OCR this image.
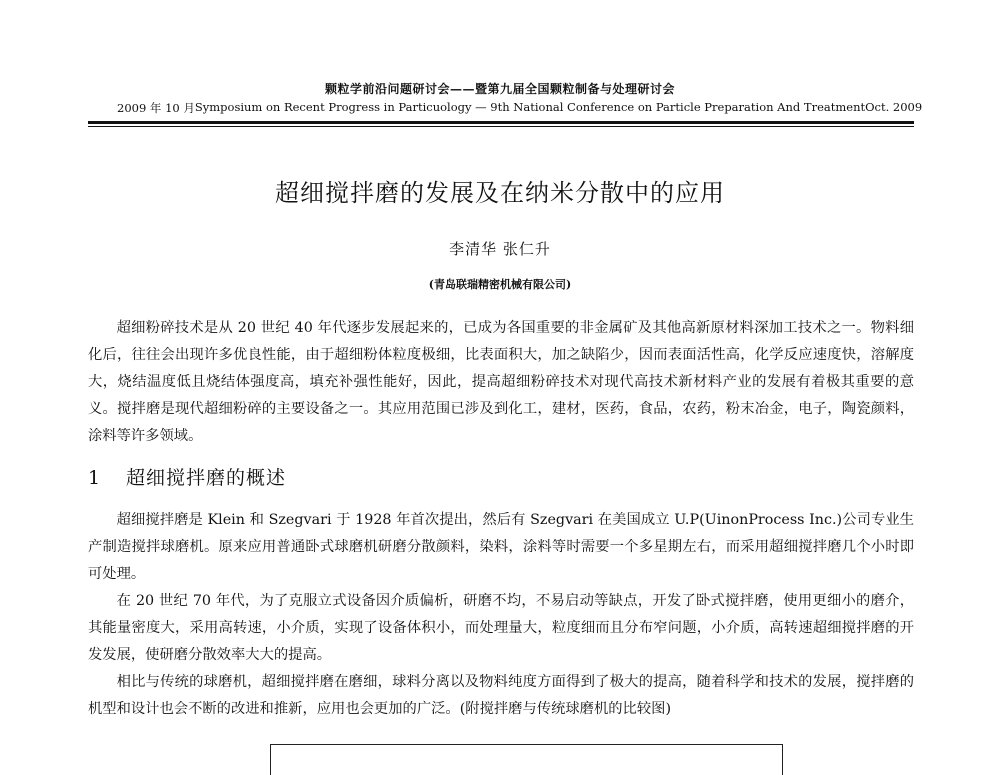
颗粒学前沿问题研讨会——暨第九届全国颗粒制备与处理研讨会
2009 年 10 月 Symposium on Recent Progress in Particuology — 9th National Conference on Particle Preparation And Treatment Oct. 2009
超细搅拌磨的发展及在纳米分散中的应用
李清华 张仁升
(青岛联瑞精密机械有限公司)

超细粉碎技术是从 20 世纪 40 年代逐步发展起来的，已成为各国重要的非金属矿及其他高新原材料深加工技术之一。物料细化后，往往会出现许多优良性能，由于超细粉体粒度极细，比表面积大，加之缺陷少，因而表面活性高，化学反应速度快，溶解度大，烧结温度低且烧结体强度高，填充补强性能好，因此，提高超细粉碎技术对现代高技术新材料产业的发展有着极其重要的意义。搅拌磨是现代超细粉碎的主要设备之一。其应用范围已涉及到化工，建材，医药，食品，农药，粉末冶金，电子，陶瓷颜料，涂料等许多领域。

1 超细搅拌磨的概述

超细搅拌磨是 Klein 和 Szegvari 于 1928 年首次提出，然后有 Szegvari 在美国成立 U.P(UinonProcess Inc.)公司专业生产制造搅拌球磨机。原来应用普通卧式球磨机研磨分散颜料，染料，涂料等时需要一个多星期左右，而采用超细搅拌磨几个小时即可处理。

在 20 世纪 70 年代，为了克服立式设备因介质偏析，研磨不均，不易启动等缺点，开发了卧式搅拌磨，使用更细小的磨介，其能量密度大，采用高转速，小介质，实现了设备体积小，而处理量大，粒度细而且分布窄问题，小介质，高转速超细搅拌磨的开发发展，使研磨分散效率大大的提高。

相比与传统的球磨机，超细搅拌磨在磨细，球料分离以及物料纯度方面得到了极大的提高，随着科学和技术的发展，搅拌磨的机型和设计也会不断的改进和推新，应用也会更加的广泛。(附搅拌磨与传统球磨机的比较图)
